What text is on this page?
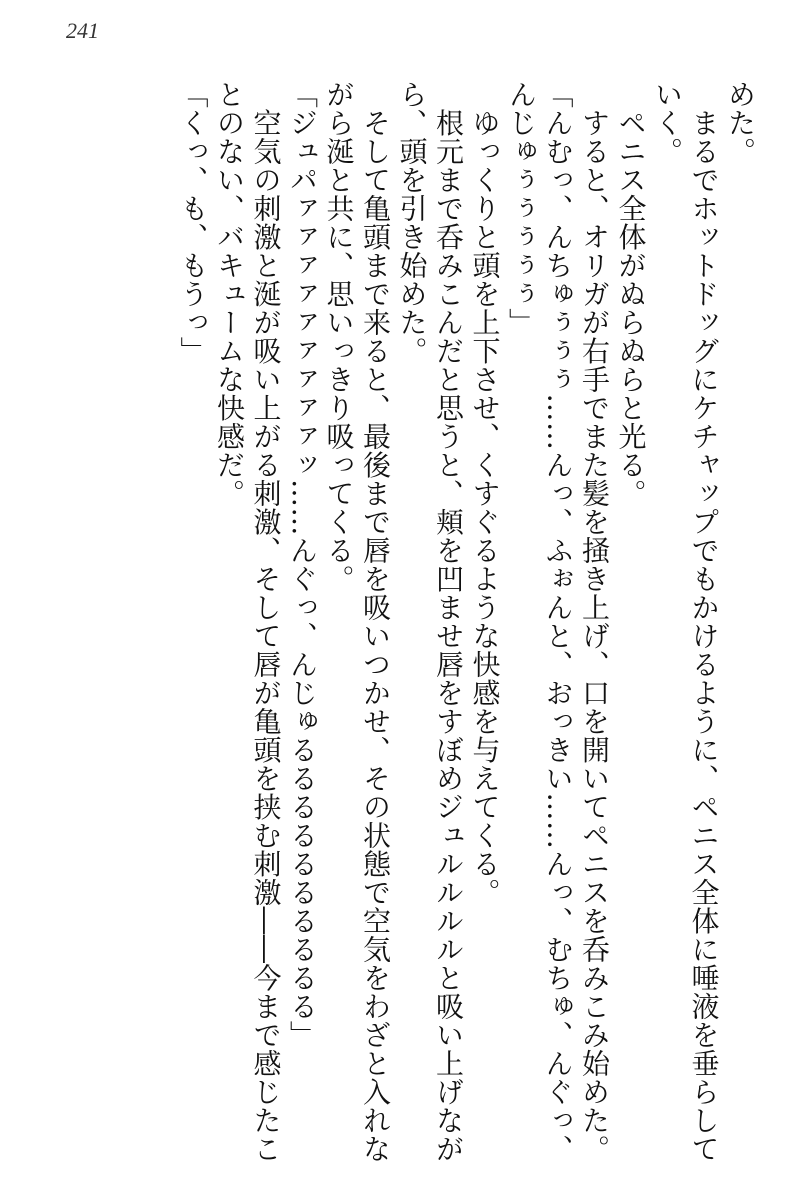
241

めた。

　まるでホットドッグにケチャップでもかけるように、ペニス全体に唾液を垂らしていく。

　ペニス全体がぬらぬらと光る。

　すると、オリガが右手でまた髪を掻き上げ、口を開いてペニスを呑みこみ始めた。

「んむっ、んちゅぅぅぅ……んっ、ふぉんと、おっきい……んっ、むちゅ、んぐっ、んじゅぅぅぅぅぅ」

　ゆっくりと頭を上下させ、くすぐるような快感を与えてくる。

　根元まで呑みこんだと思うと、頬を凹ませ唇をすぼめジュルルルルと吸い上げながら、頭を引き始めた。

　そして亀頭まで来ると、最後まで唇を吸いつかせ、その状態で空気をわざと入れながら涎と共に、思いっきり吸ってくる。

「ジュパァァァァァァァァァッ……んぐっ、んじゅるるるるるるるるるる」

　空気の刺激と涎が吸い上がる刺激、そして唇が亀頭を挟む刺激――今まで感じたことのない、バキュームな快感だ。

「くっ、も、もうっ」
